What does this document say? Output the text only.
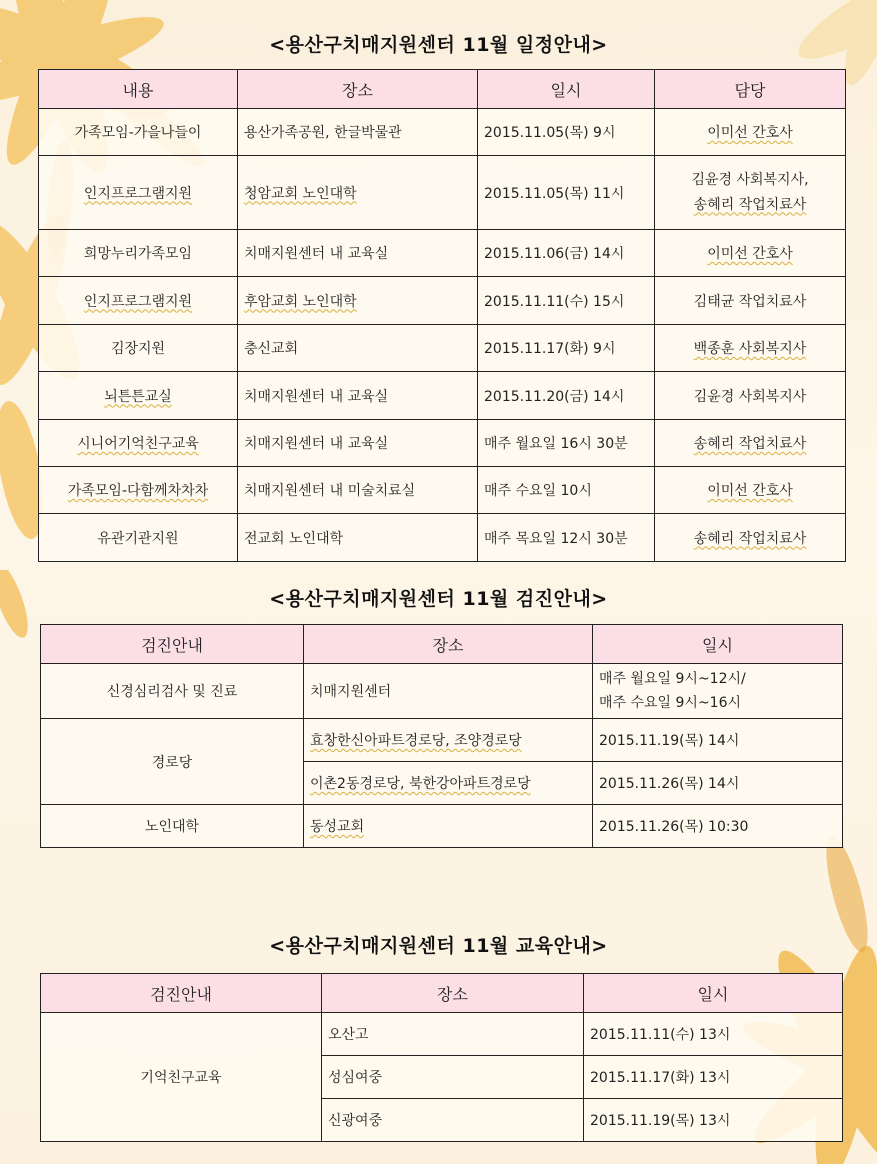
<용산구치매지원센터 11월 일정안내>
내용	장소	일시	담당
가족모임-가을나들이	용산가족공원, 한글박물관	2015.11.05(목) 9시	이미선 간호사
인지프로그램지원	청암교회 노인대학	2015.11.05(목) 11시	김윤경 사회복지사,
송혜리 작업치료사

희망누리가족모임	치매지원센터 내 교육실	2015.11.06(금) 14시	이미선 간호사
인지프로그램지원	후암교회 노인대학	2015.11.11(수) 15시	김태균 작업치료사
김장지원	충신교회	2015.11.17(화) 9시	백종훈 사회복지사
뇌튼튼교실	치매지원센터 내 교육실	2015.11.20(금) 14시	김윤경 사회복지사
시니어기억친구교육	치매지원센터 내 교육실	매주 월요일 16시 30분	송혜리 작업치료사
가족모임-다함께차차차	치매지원센터 내 미술치료실	매주 수요일 10시	이미선 간호사
유관기관지원	전교회 노인대학	매주 목요일 12시 30분	송혜리 작업치료사
<용산구치매지원센터 11월 검진안내>
검진안내	장소	일시
신경심리검사 및 진료	치매지원센터	매주 월요일 9시~12시/
매주 수요일 9시~16시

경로당	효창한신아파트경로당, 조양경로당	2015.11.19(목) 14시
	이촌2동경로당, 북한강아파트경로당	2015.11.26(목) 14시
노인대학	동성교회	2015.11.26(목) 10:30
<용산구치매지원센터 11월 교육안내>
검진안내	장소	일시
기억친구교육	오산고	2015.11.11(수) 13시
	성심여중	2015.11.17(화) 13시
	신광여중	2015.11.19(목) 13시
